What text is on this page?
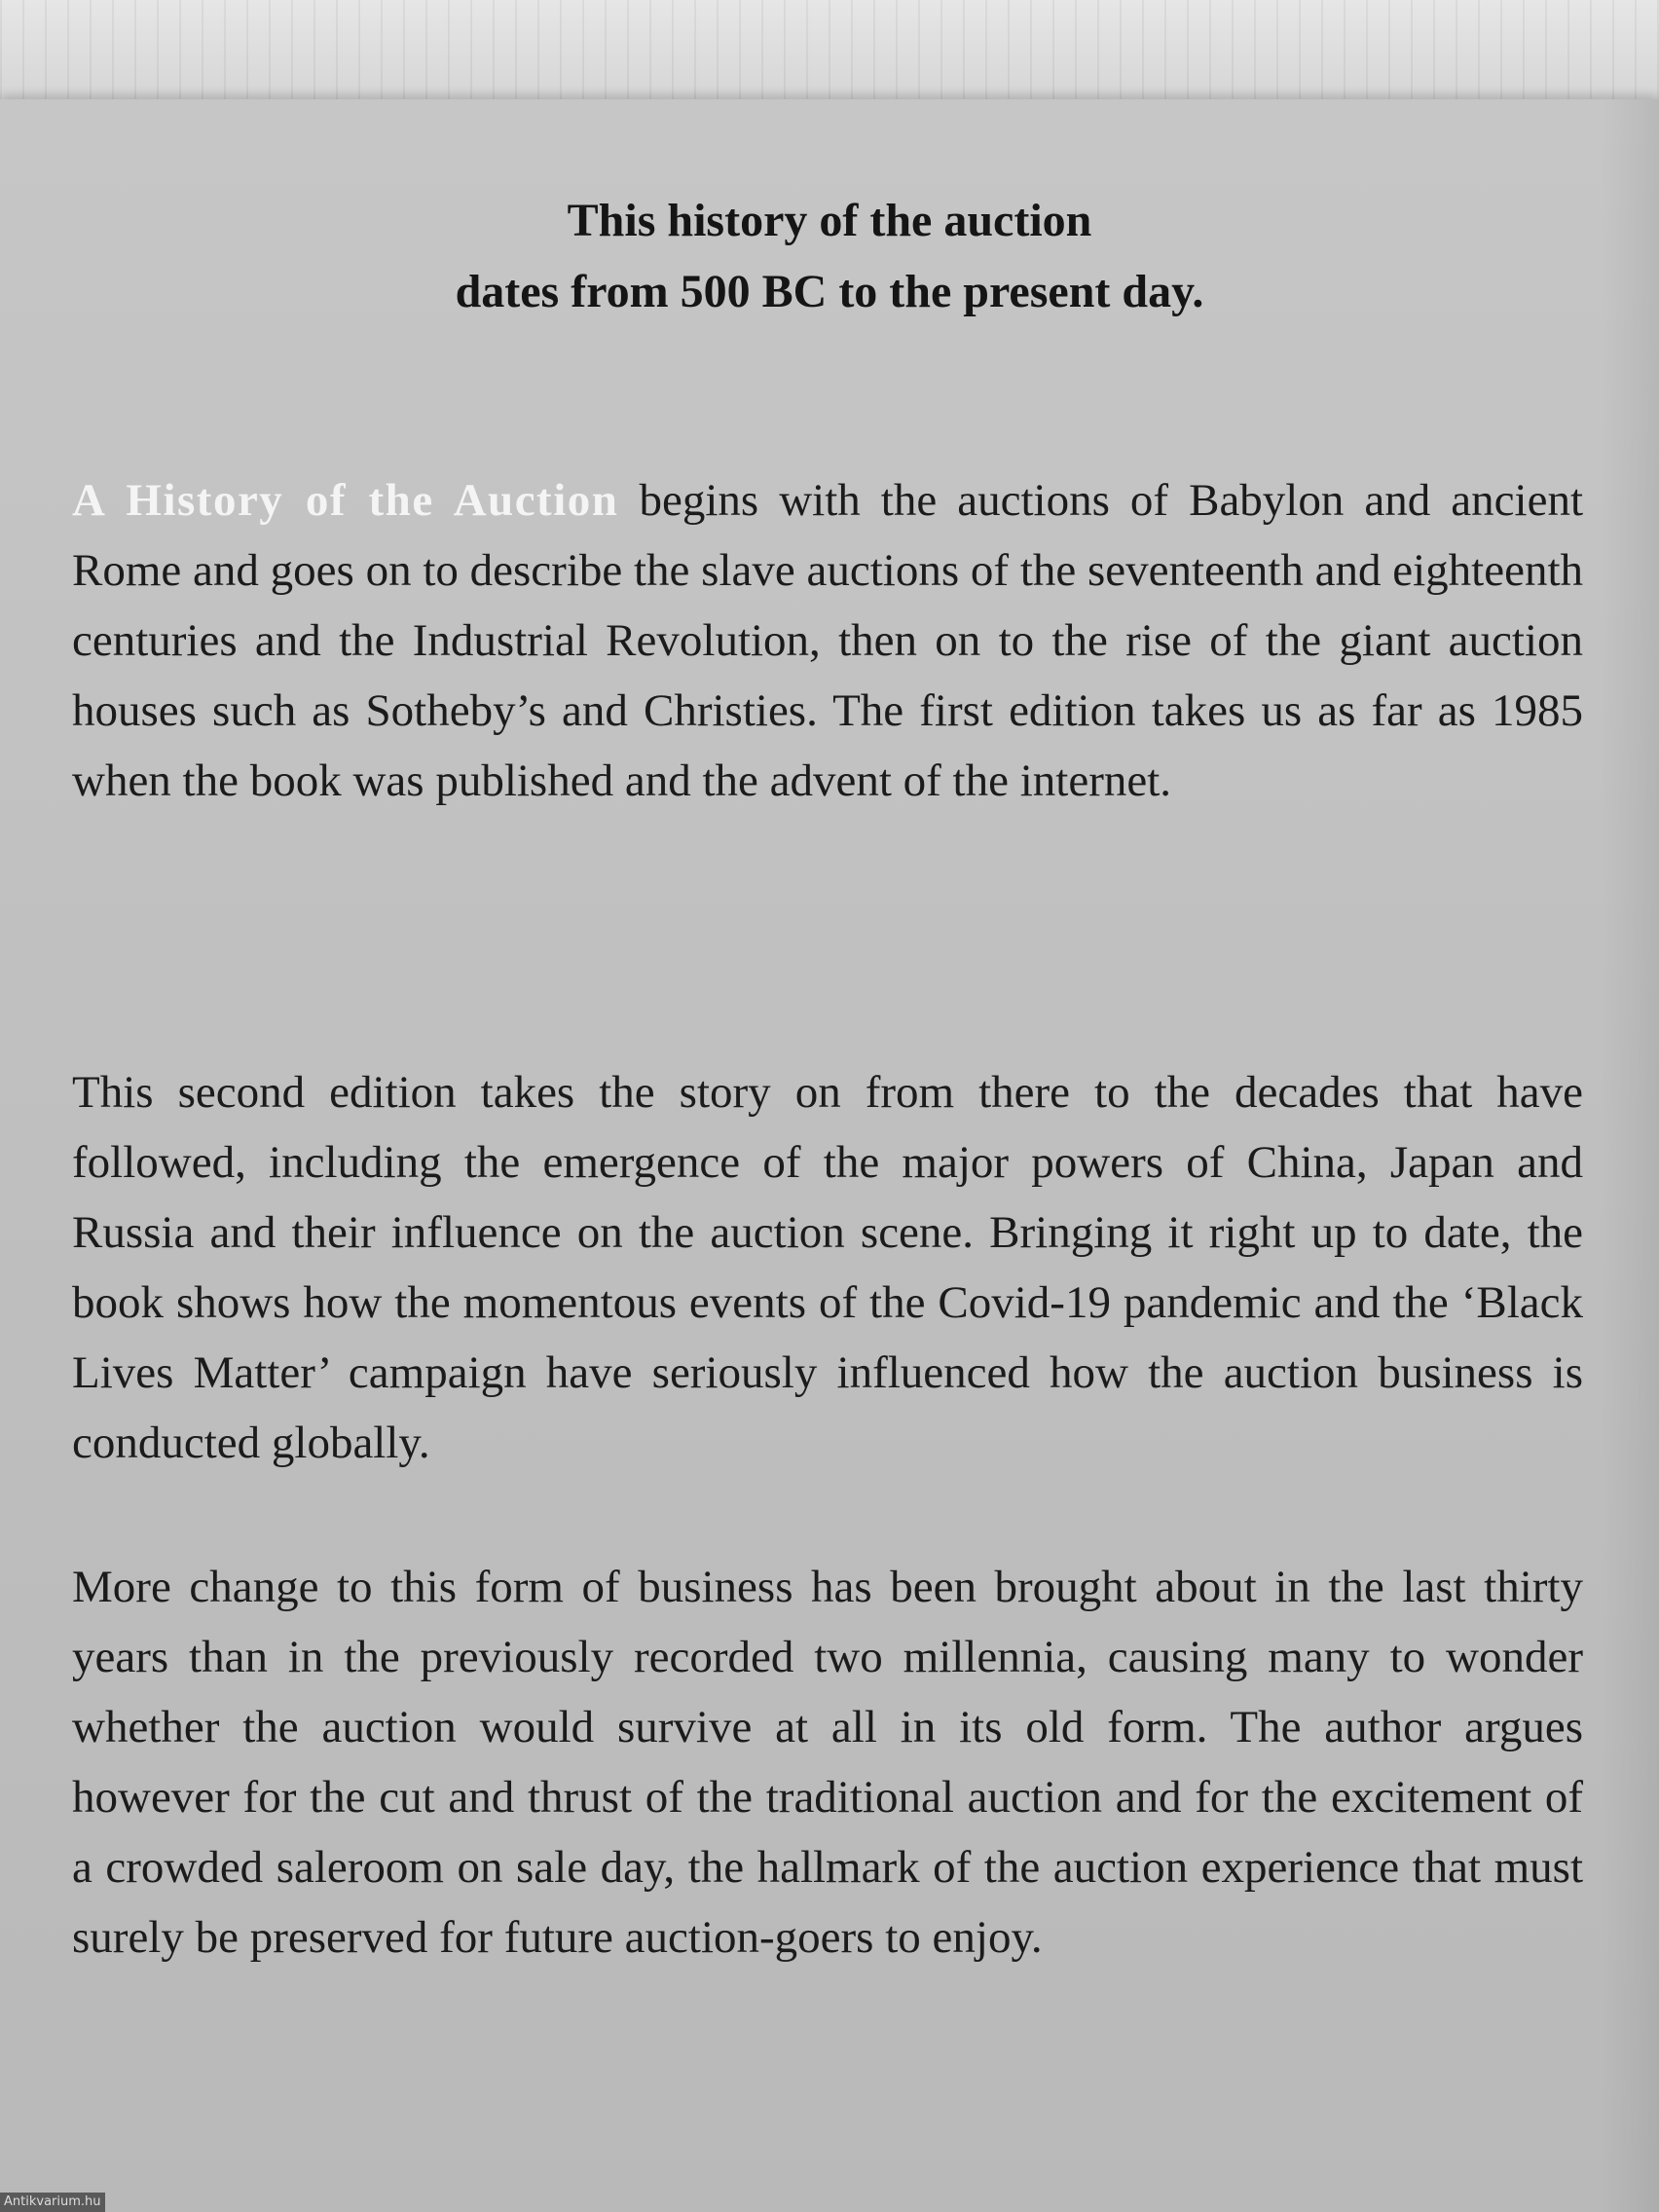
This history of the auction
dates from 500 BC to the present day.

A History of the Auction begins with the auctions of Babylon and ancient Rome and goes on to describe the slave auctions of the seventeenth and eighteenth centuries and the Industrial Revolution, then on to the rise of the giant auction houses such as Sotheby’s and Christies. The first edition takes us as far as 1985 when the book was published and the advent of the internet.

This second edition takes the story on from there to the decades that have followed, including the emergence of the major powers of China, Japan and Russia and their influence on the auction scene. Bringing it right up to date, the book shows how the momentous events of the Covid-19 pandemic and the ‘Black Lives Matter’ campaign have seriously influenced how the auction business is conducted globally.

More change to this form of business has been brought about in the last thirty years than in the previously recorded two millennia, causing many to wonder whether the auction would survive at all in its old form. The author argues however for the cut and thrust of the traditional auction and for the excitement of a crowded saleroom on sale day, the hallmark of the auction experience that must surely be preserved for future auction-goers to enjoy.

Antikvarium.hu
